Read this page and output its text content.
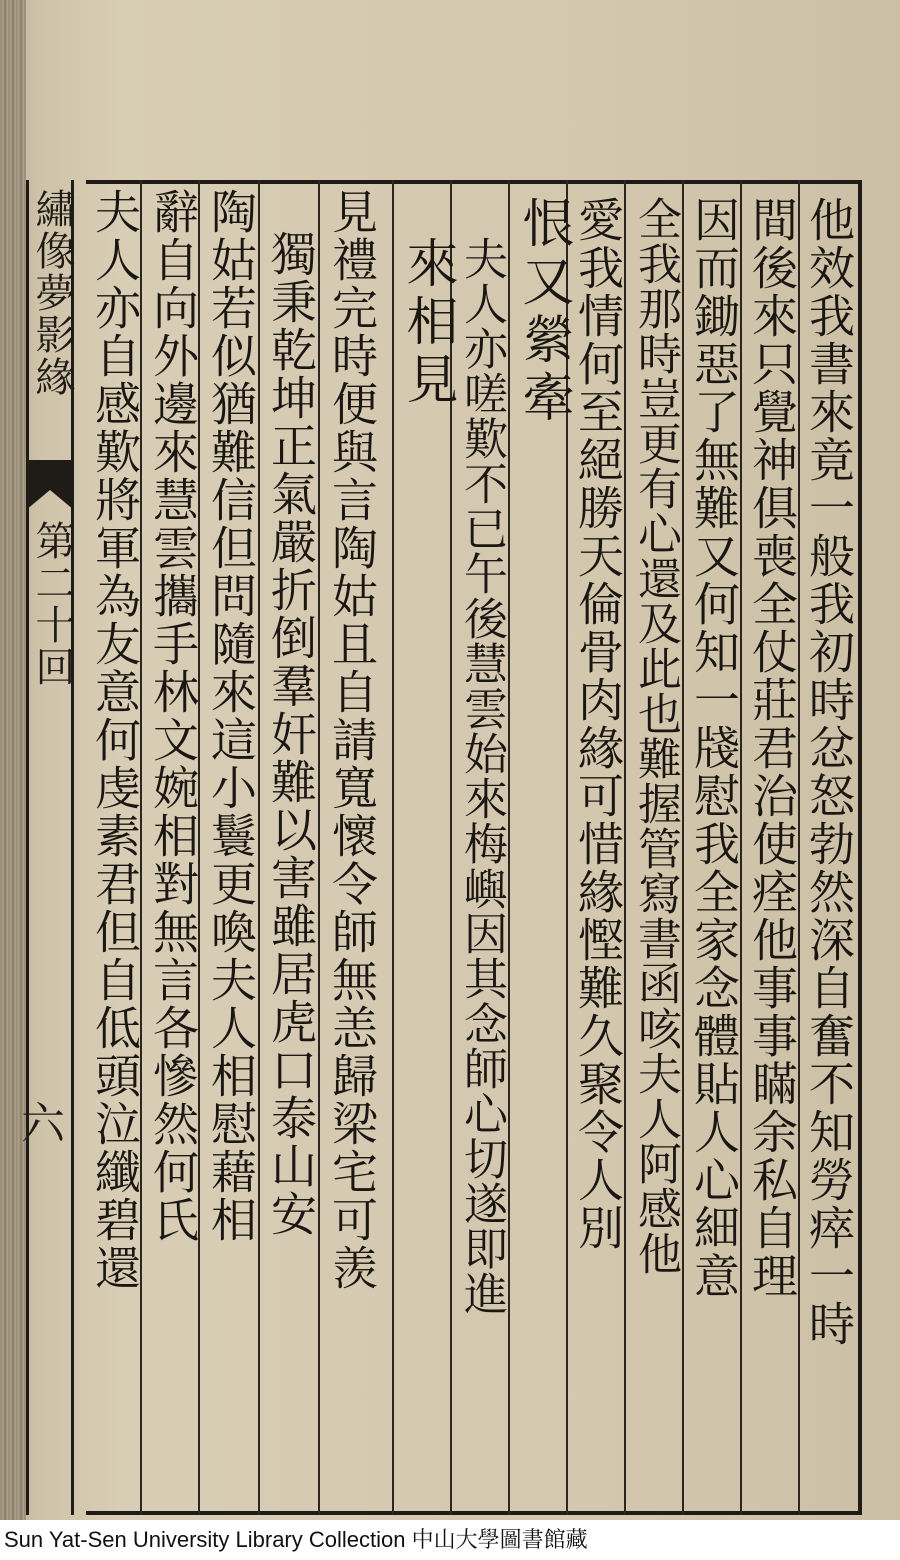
繡像夢影緣
第二十回
六	他效我書來竟一般我初時忿怒勃然深自奮不知勞瘁一時
間後來只覺神俱喪全仗莊君治使痊他事事瞞余私自理
因而鋤惡了無難又何知一牋慰我全家念體貼人心細意
全我那時豈更有心還及此也難握管寫書函咳夫人阿感他
愛我情何至絕勝天倫骨肉緣可惜緣慳難久聚令人別
恨又縈牽
夫人亦嗟歎不已午後慧雲始來梅嶼因其念師心切遂即進
來相見
見禮完時便與言陶姑且自請寬懷令師無恙歸梁宅可羡
獨秉乾坤正氣嚴折倒羣奸難以害雖居虎口泰山安
陶姑若似猶難信但問隨來這小鬟更喚夫人相慰藉相
辭自向外邊來慧雲攜手林文婉相對無言各慘然何氏
夫人亦自感歎將軍為友意何虔素君但自低頭泣纖碧還
Sun Yat-Sen University Library Collection 中山大學圖書館藏
